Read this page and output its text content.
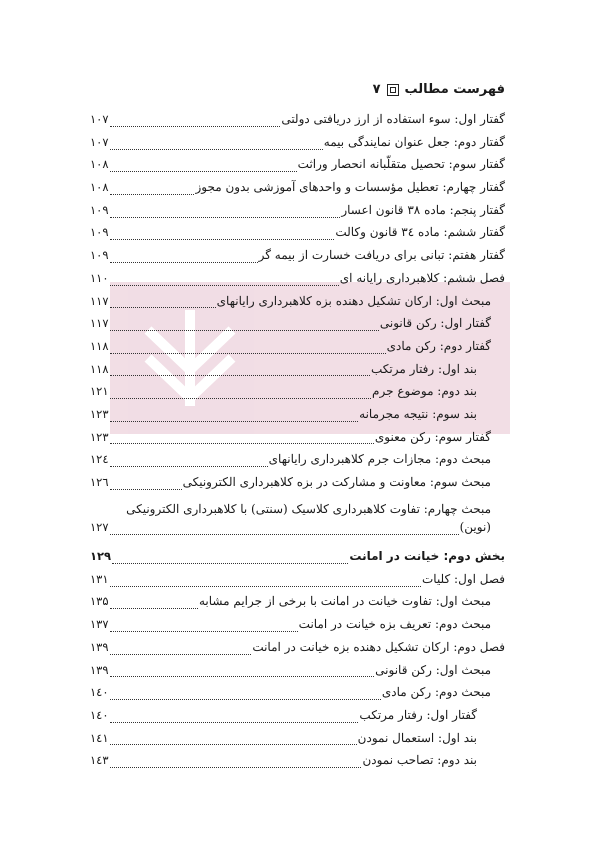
فهرست مطالب
۷
گفتار اول: سوء استفاده از ارز دریافتی دولتی
۱۰۷
گفتار دوم: جعل عنوان نمایندگی بیمه
۱۰۷
گفتار سوم: تحصیل متقلّبانه انحصار وراثت
۱۰۸
گفتار چهارم: تعطیل مؤسسات و واحدهای آموزشی بدون مجوز
۱۰۸
گفتار پنجم: ماده ۳۸ قانون اعسار
۱۰۹
گفتار ششم: ماده ٣٤ قانون وکالت
۱۰۹
گفتار هفتم: تبانی برای دریافت خسارت از بیمه گر
۱۰۹
فصل ششم: کلاهبرداری رایانه ای
۱۱۰
مبحث اول: ارکان تشکیل دهنده بزه کلاهبرداری رایانهای
۱۱۷
گفتار اول: رکن قانونی
۱۱۷
گفتار دوم: رکن مادی
۱۱۸
بند اول: رفتار مرتکب
۱۱۸
بند دوم: موضوع جرم
۱۲۱
بند سوم: نتیجه مجرمانه
۱۲۳
گفتار سوم: رکن معنوی
۱۲۳
مبحث دوم: مجازات جرم کلاهبرداری رایانهای
۱۲٤
مبحث سوم: معاونت و مشارکت در بزه کلاهبرداری الکترونیکی
۱۲٦
مبحث چهارم: تفاوت کلاهبرداری کلاسیک (سنتی) با کلاهبرداری الکترونیکی
(نوین)
۱۲۷
بخش دوم: خیانت در امانت
۱۲۹
فصل اول: کلیات
۱۳۱
مبحث اول: تفاوت خیانت در امانت با برخی از جرایم مشابه
۱۳۵
مبحث دوم: تعریف بزه خیانت در امانت
۱۳۷
فصل دوم: ارکان تشکیل دهنده بزه خیانت در امانت
۱۳۹
مبحث اول: رکن قانونی
۱۳۹
مبحث دوم: رکن مادی
۱٤۰
گفتار اول: رفتار مرتکب
۱٤۰
بند اول: استعمال نمودن
۱٤۱
بند دوم: تصاحب نمودن
۱٤۳
